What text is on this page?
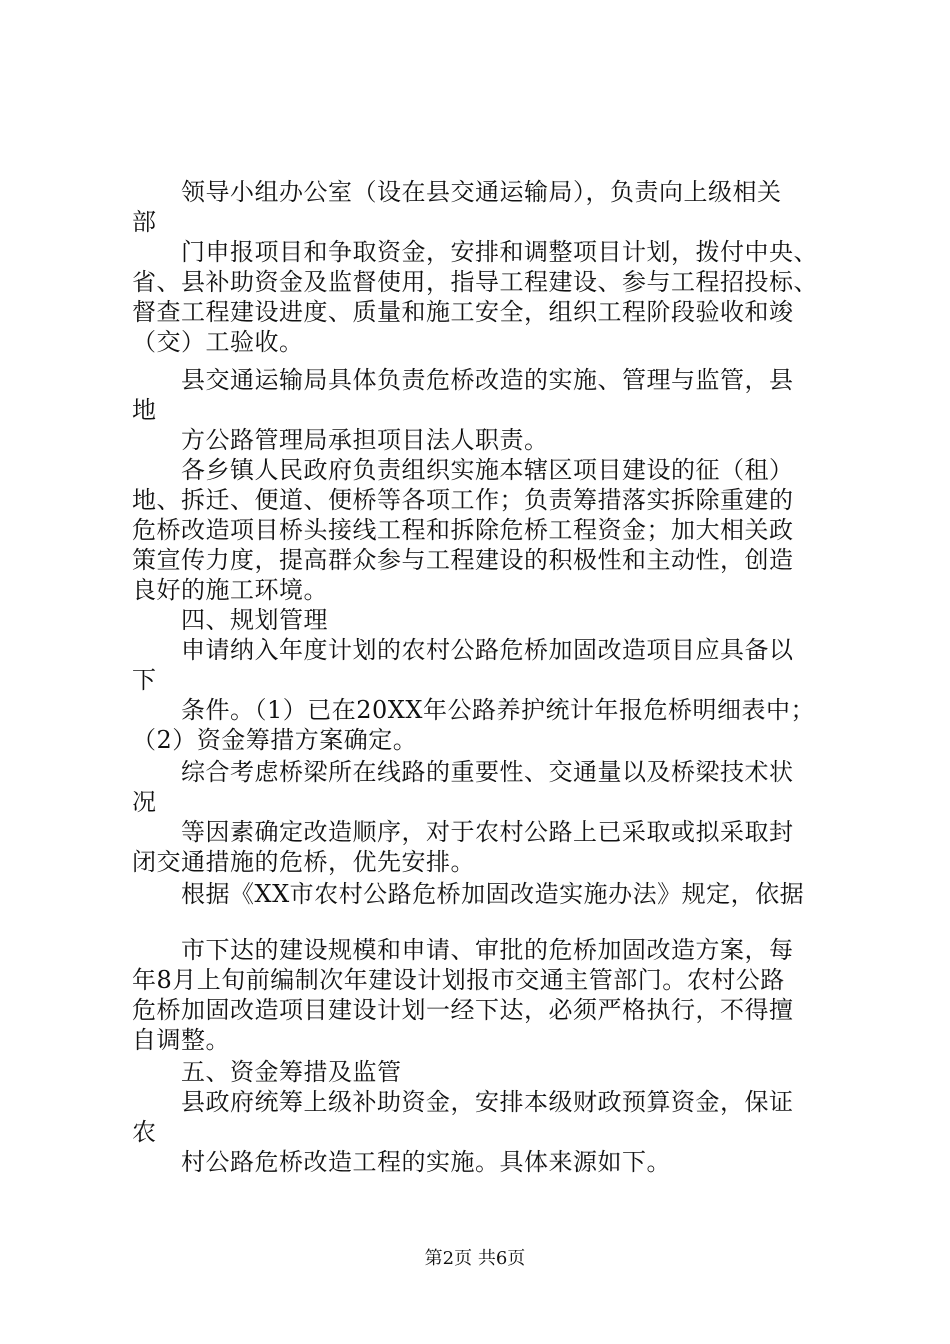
　　领导小组办公室（设在县交通运输局），负责向上级相关
部
　　门申报项目和争取资金，安排和调整项目计划，拨付中央、
省、县补助资金及监督使用，指导工程建设、参与工程招投标、
督查工程建设进度、质量和施工安全，组织工程阶段验收和竣
（交）工验收。
　　县交通运输局具体负责危桥改造的实施、管理与监管，县
地
　　方公路管理局承担项目法人职责。
　　各乡镇人民政府负责组织实施本辖区项目建设的征（租）
地、拆迁、便道、便桥等各项工作；负责筹措落实拆除重建的
危桥改造项目桥头接线工程和拆除危桥工程资金；加大相关政
策宣传力度，提高群众参与工程建设的积极性和主动性，创造
良好的施工环境。
　　四、规划管理
　　申请纳入年度计划的农村公路危桥加固改造项目应具备以
下
　　条件。（1）已在20XX年公路养护统计年报危桥明细表中；
（2）资金筹措方案确定。
　　综合考虑桥梁所在线路的重要性、交通量以及桥梁技术状
况
　　等因素确定改造顺序，对于农村公路上已采取或拟采取封
闭交通措施的危桥，优先安排。
　　根据《XX市农村公路危桥加固改造实施办法》规定，依据
　　市下达的建设规模和申请、审批的危桥加固改造方案，每
年8月上旬前编制次年建设计划报市交通主管部门。农村公路
危桥加固改造项目建设计划一经下达，必须严格执行，不得擅
自调整。
　　五、资金筹措及监管
　　县政府统筹上级补助资金，安排本级财政预算资金，保证
农
　　村公路危桥改造工程的实施。具体来源如下。
第2页 共6页
